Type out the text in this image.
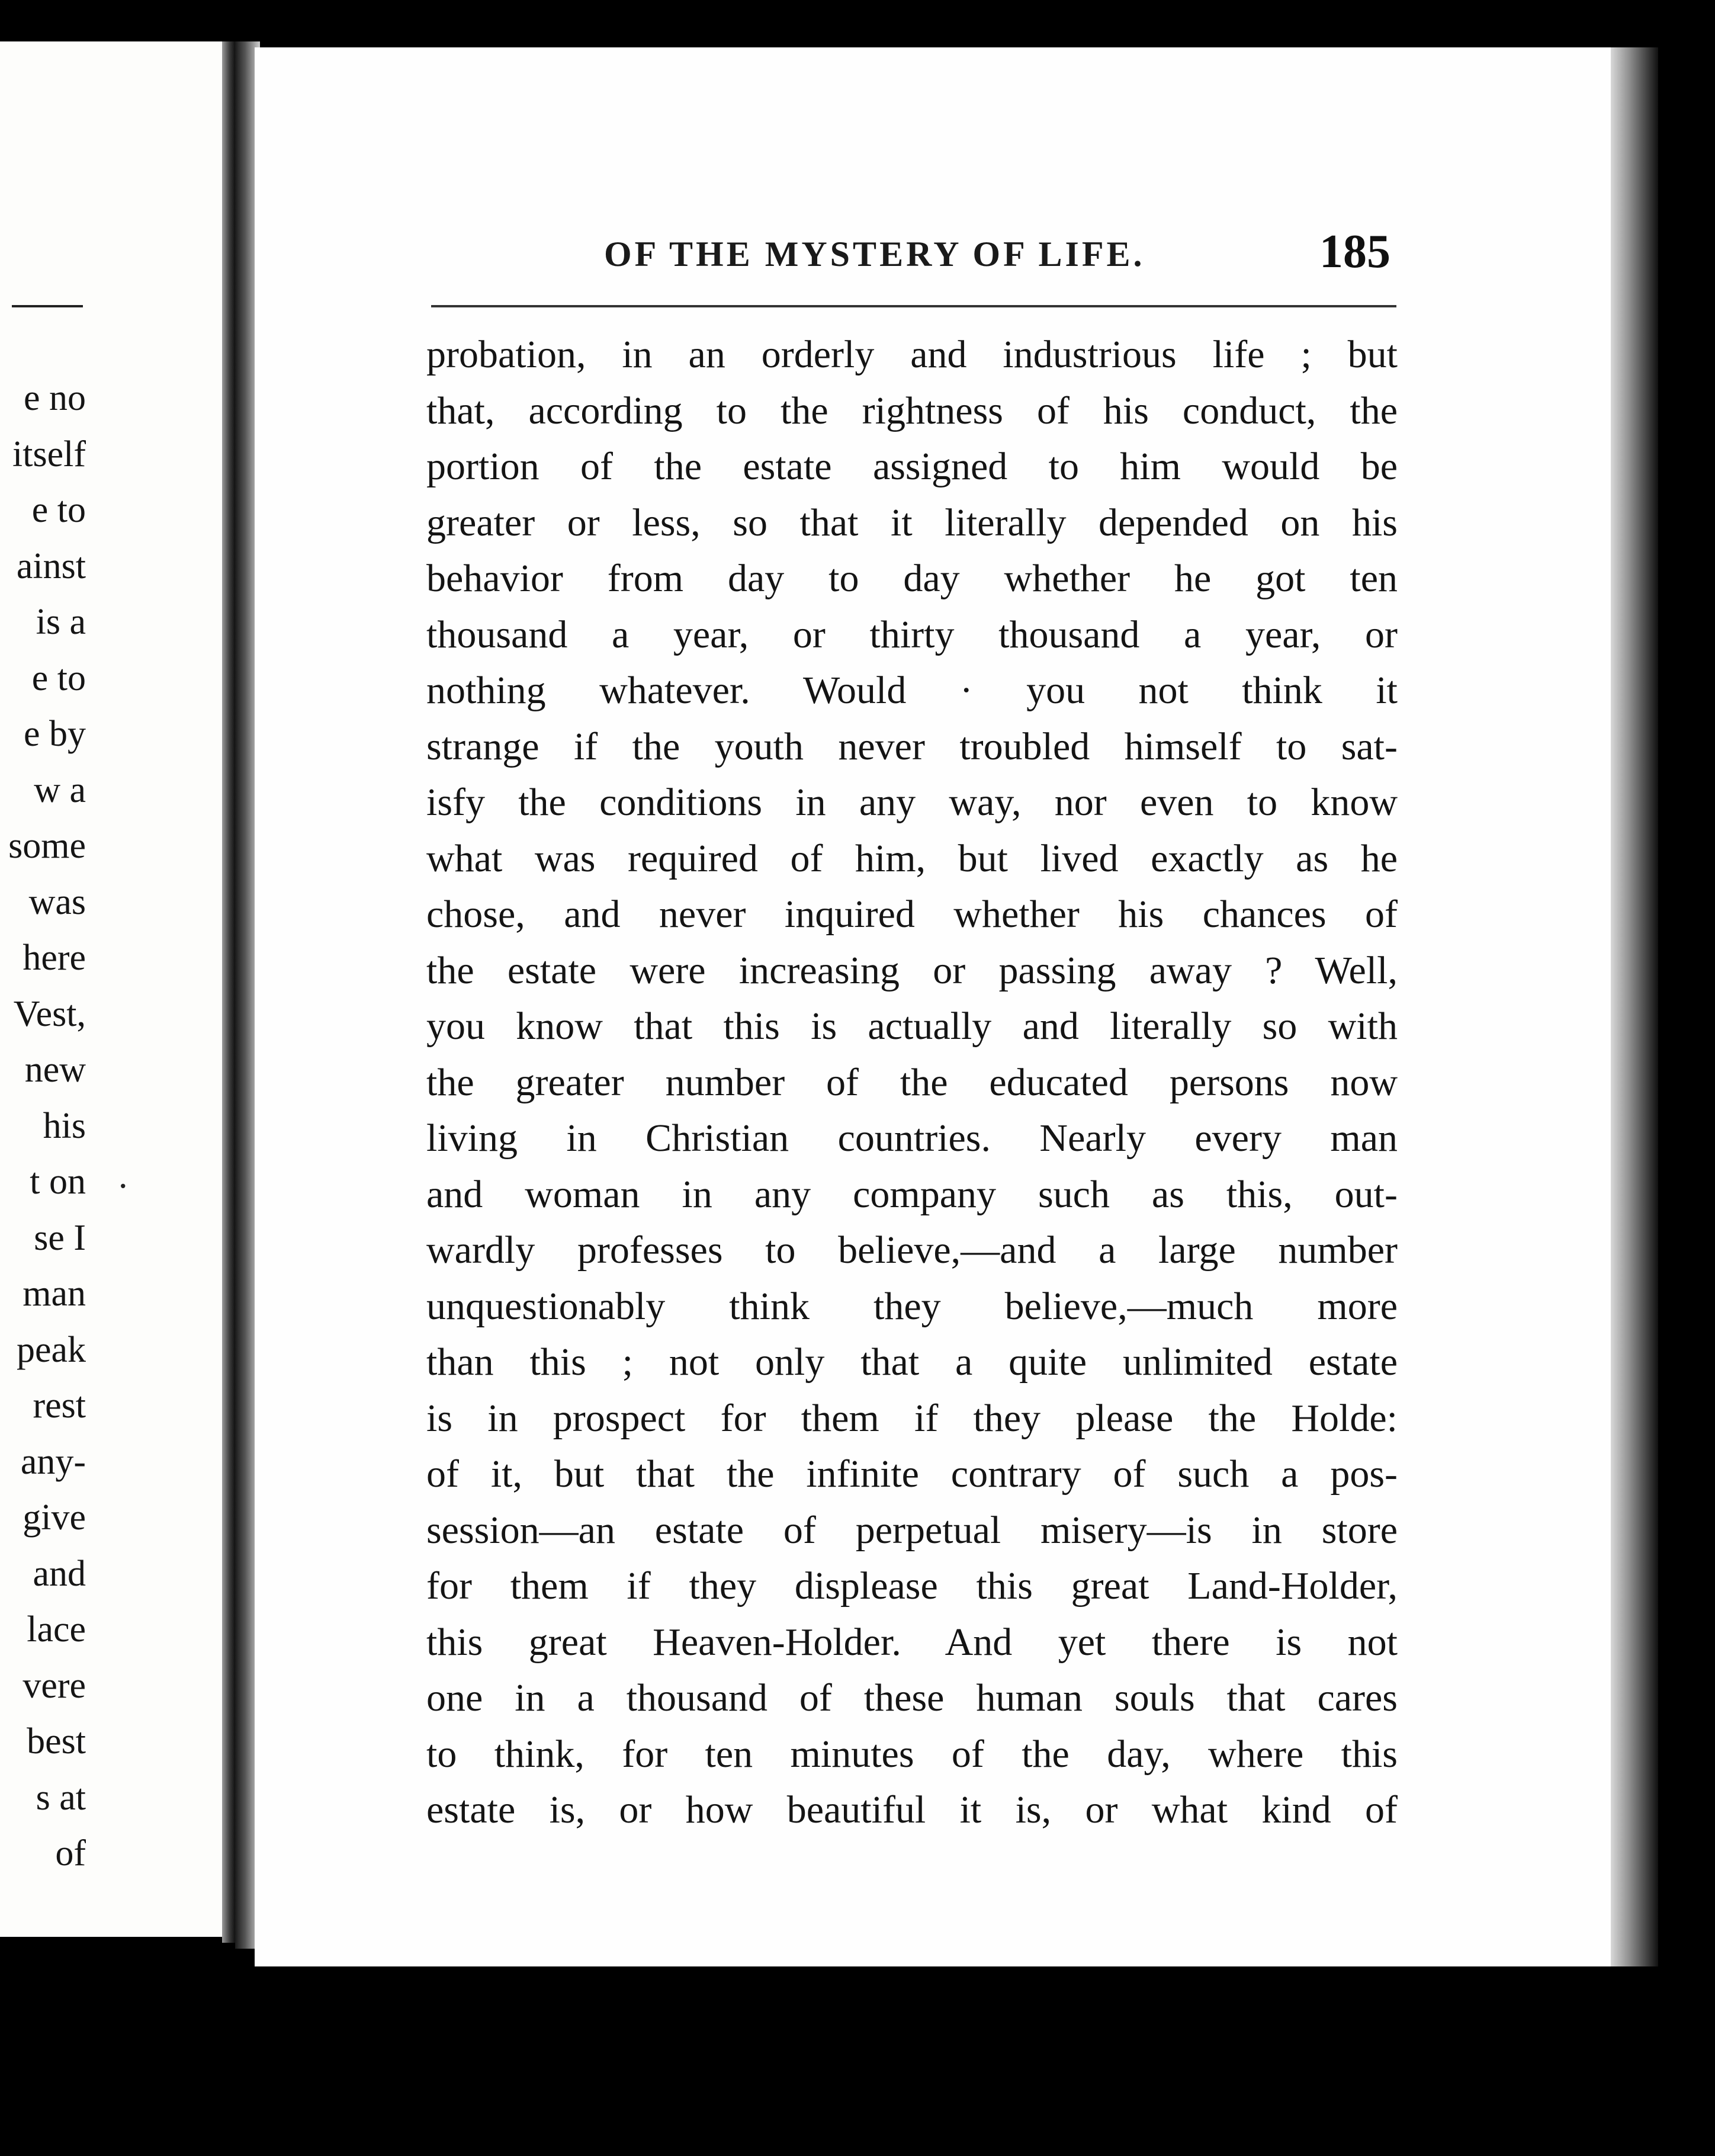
e no
itself
e to
ainst
is a
e to
e by
w a
some
was
here
Vest,
new
his
t on
se I
man
peak
rest
any-
give
and
lace
vere
best
s at
of
.
OF THE MYSTERY OF LIFE.	185
probation, in an orderly and industrious life ; but
that, according to the rightness of his conduct, the
portion of the estate assigned to him would be
greater or less, so that it literally depended on his
behavior from day to day whether he got ten
thousand a year, or thirty thousand a year, or
nothing whatever. Would · you not think it
strange if the youth never troubled himself to sat-
isfy the conditions in any way, nor even to know
what was required of him, but lived exactly as he
chose, and never inquired whether his chances of
the estate were increasing or passing away ? Well,
you know that this is actually and literally so with
the greater number of the educated persons now
living in Christian countries. Nearly every man
and woman in any company such as this, out-
wardly professes to believe,—and a large number
unquestionably think they believe,—much more
than this ; not only that a quite unlimited estate
is in prospect for them if they please the Holde:
of it, but that the infinite contrary of such a pos-
session—an estate of perpetual misery—is in store
for them if they displease this great Land-Holder,
this great Heaven-Holder. And yet there is not
one in a thousand of these human souls that cares
to think, for ten minutes of the day, where this
estate is, or how beautiful it is, or what kind of
